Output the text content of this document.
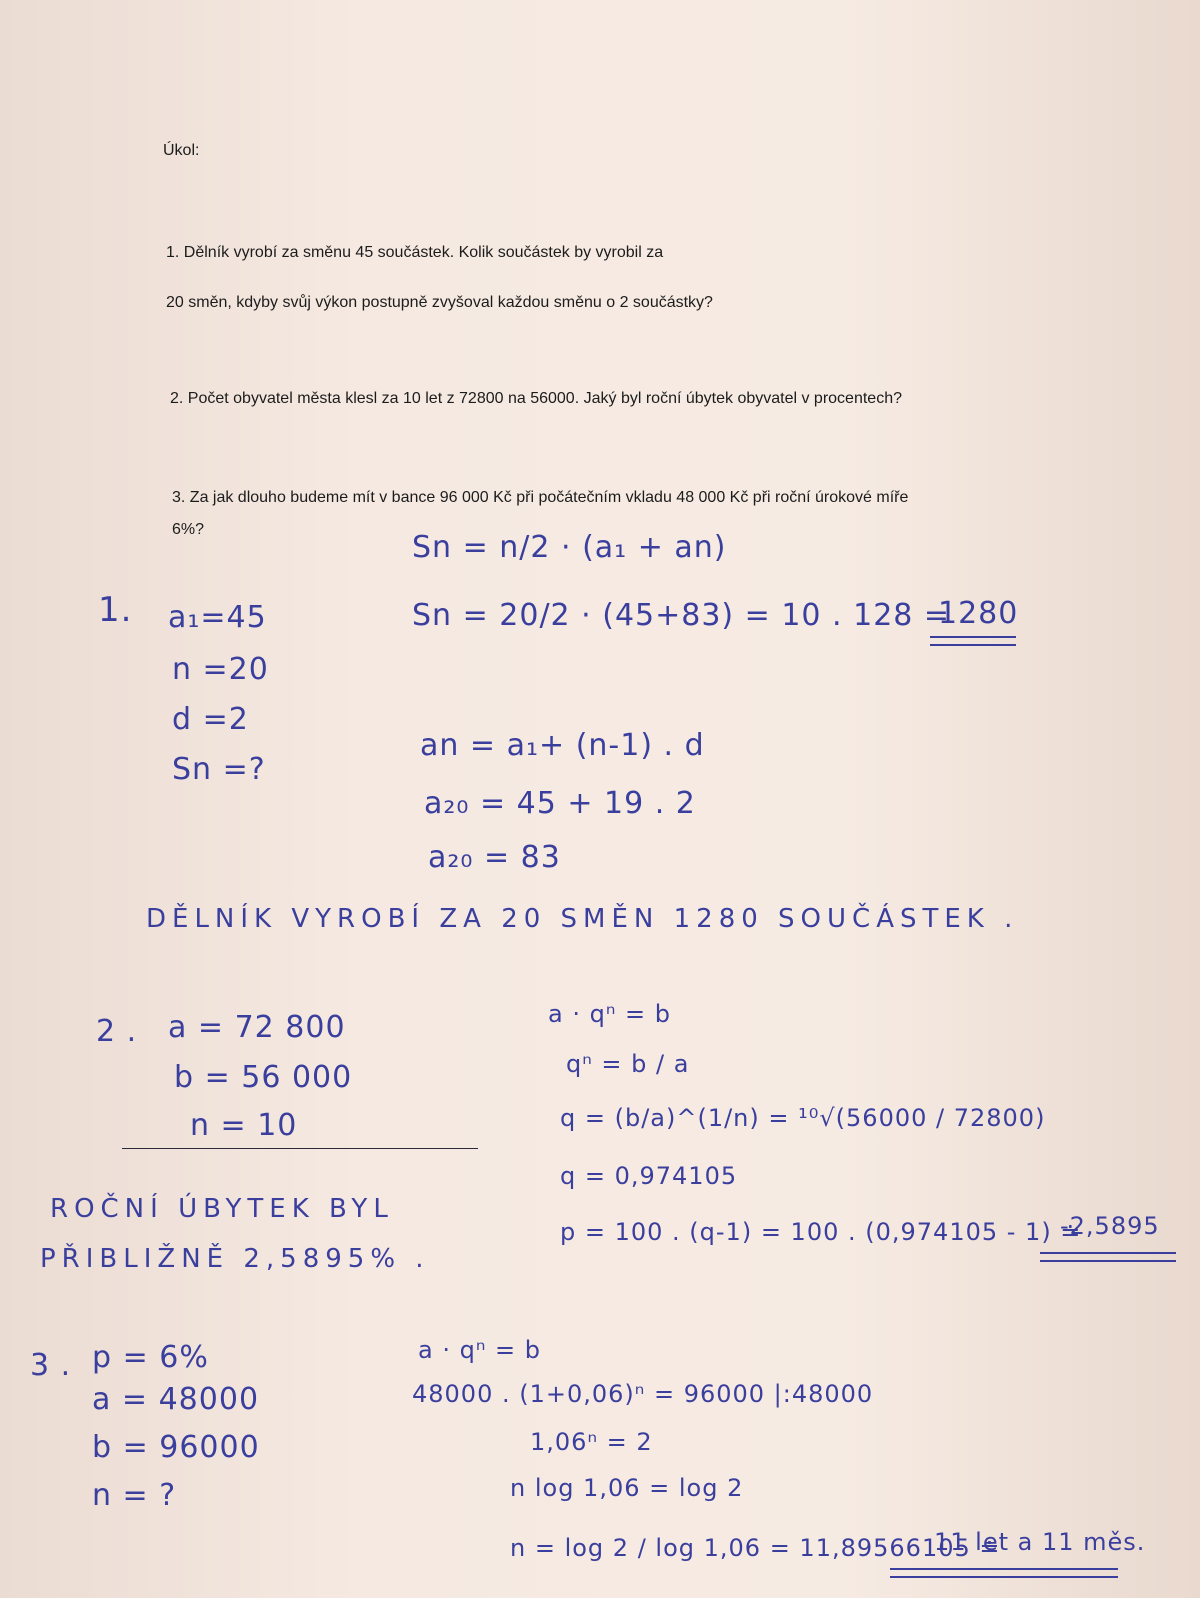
Úkol:
1. Dělník vyrobí za směnu 45 součástek. Kolik součástek by vyrobil za
20 směn, kdyby svůj výkon postupně zvyšoval každou směnu o 2 součástky?
2. Počet obyvatel města klesl za 10 let z 72800 na 56000. Jaký byl roční úbytek obyvatel v procentech?
3. Za jak dlouho budeme mít v bance 96 000 Kč při počátečním vkladu 48 000 Kč při roční úrokové míře
6%?
1. a₁=45
n =20
d =2
Sn =?
Sn = n/2 · (a₁ + an)
Sn = 20/2 · (45+83) = 10 . 128 =
1280
an = a₁+ (n-1) . d
a₂₀ = 45 + 19 . 2
a₂₀ = 83
DĚLNÍK VYROBÍ ZA 20 SMĚN 1280 SOUČÁSTEK .
2 . a = 72 800
b = 56 000
n = 10
ROČNÍ ÚBYTEK BYL
PŘIBLIŽNĚ 2,5895% .
a · qⁿ = b
qⁿ = b / a
q = (b/a)^(1/n) = ¹⁰√(56000 / 72800)
q = 0,974105
p = 100 . (q-1) = 100 . (0,974105 - 1) ≐
-2,5895
3 . p = 6%
a = 48000
b = 96000
n = ?
a · qⁿ = b
48000 . (1+0,06)ⁿ = 96000 |:48000
1,06ⁿ = 2
n log 1,06 = log 2
n = log 2 / log 1,06 = 11,89566105 ≐
11 let a 11 měs.
